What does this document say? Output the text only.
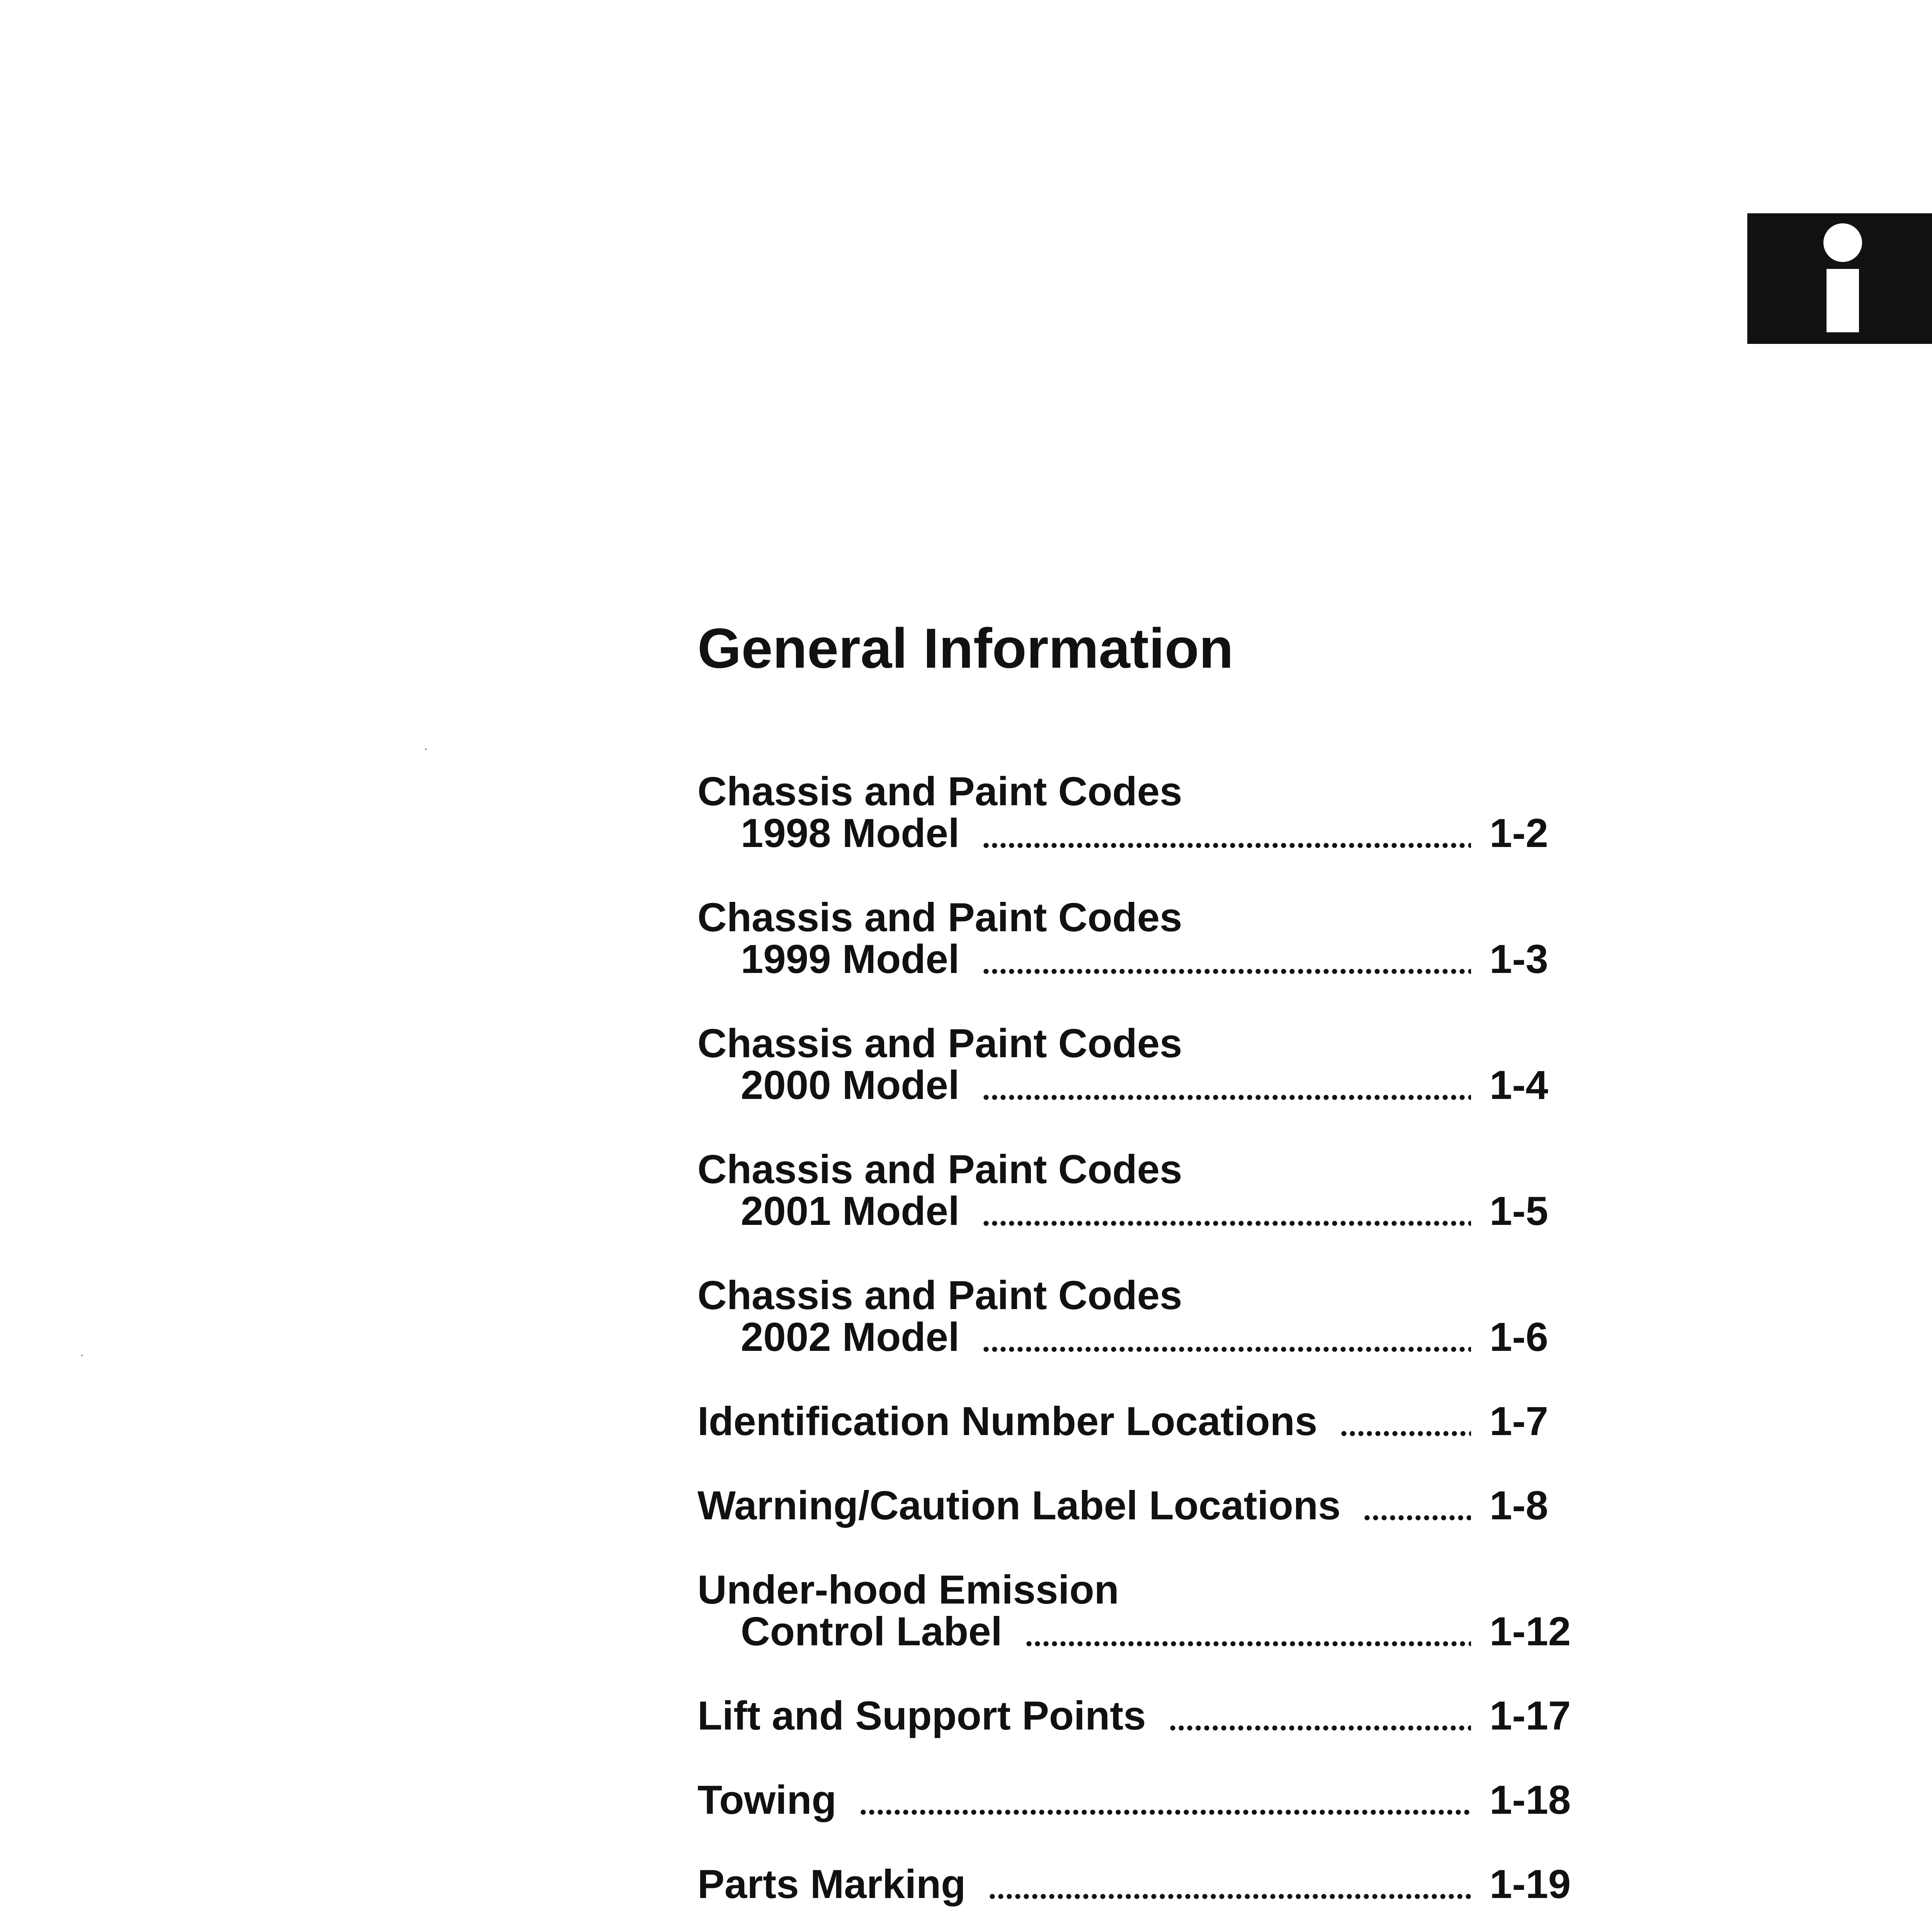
General Information
Chassis and Paint Codes
1998 Model	1-2
Chassis and Paint Codes
1999 Model	1-3
Chassis and Paint Codes
2000 Model	1-4
Chassis and Paint Codes
2001 Model	1-5
Chassis and Paint Codes
2002 Model	1-6
Identification Number Locations	1-7
Warning/Caution Label Locations	1-8
Under-hood Emission
Control Label	1-12
Lift and Support Points	1-17
Towing	1-18
Parts Marking	1-19
